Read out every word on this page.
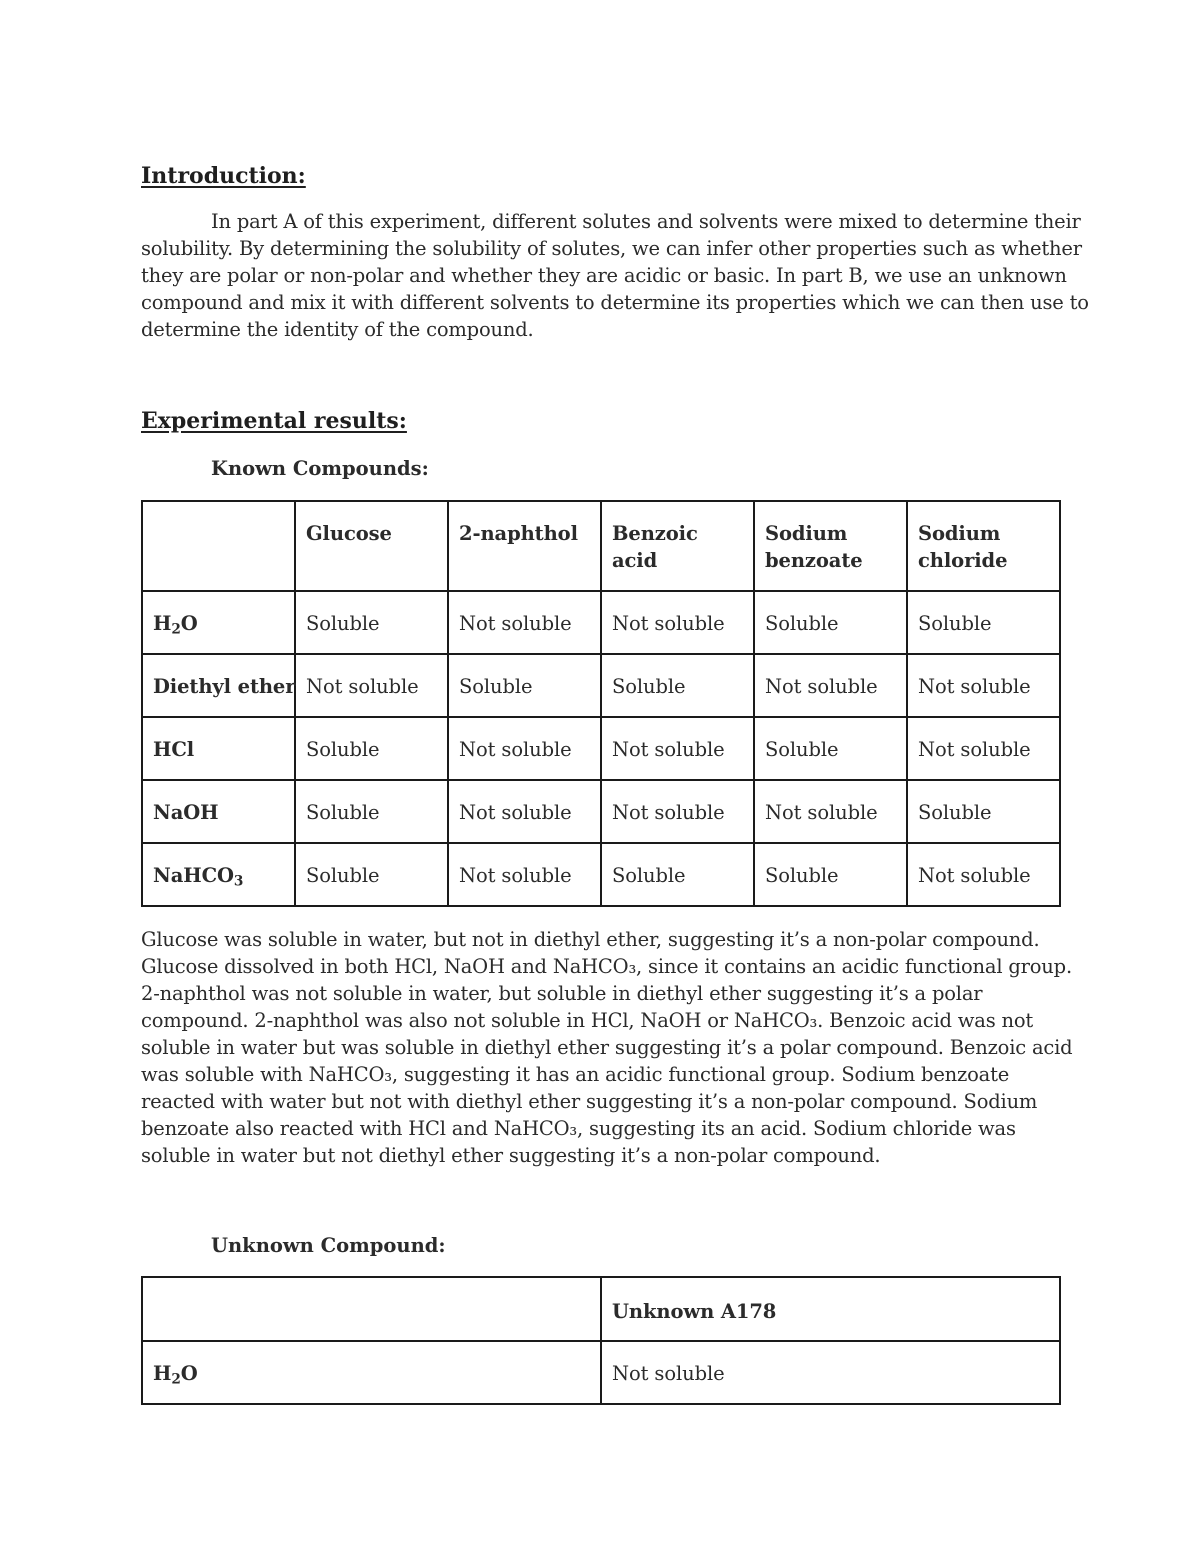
Introduction:
In part A of this experiment, different solutes and solvents were mixed to determine their
solubility. By determining the solubility of solutes, we can infer other properties such as whether
they are polar or non-polar and whether they are acidic or basic. In part B, we use an unknown
compound and mix it with different solvents to determine its properties which we can then use to
determine the identity of the compound.
Experimental results:
Known Compounds:
	Glucose	2-naphthol	Benzoic acid	Sodium benzoate	Sodium chloride
$H_2O$	Soluble	Not soluble	Not soluble	Soluble	Soluble
Diethyl ether	Not soluble	Soluble	Soluble	Not soluble	Not soluble
HCl	Soluble	Not soluble	Not soluble	Soluble	Not soluble
NaOH	Soluble	Not soluble	Not soluble	Not soluble	Soluble
NaHCO$_3$	Soluble	Not soluble	Soluble	Soluble	Not soluble
Glucose was soluble in water, but not in diethyl ether, suggesting it’s a non-polar compound.
Glucose dissolved in both HCl, NaOH and NaHCO₃, since it contains an acidic functional group.
2-naphthol was not soluble in water, but soluble in diethyl ether suggesting it’s a polar
compound. 2-naphthol was also not soluble in HCl, NaOH or NaHCO₃. Benzoic acid was not
soluble in water but was soluble in diethyl ether suggesting it’s a polar compound. Benzoic acid
was soluble with NaHCO₃, suggesting it has an acidic functional group. Sodium benzoate
reacted with water but not with diethyl ether suggesting it’s a non-polar compound. Sodium
benzoate also reacted with HCl and NaHCO₃, suggesting its an acid. Sodium chloride was
soluble in water but not diethyl ether suggesting it’s a non-polar compound.
Unknown Compound:
	Unknown A178
$H_2O$	Not soluble
